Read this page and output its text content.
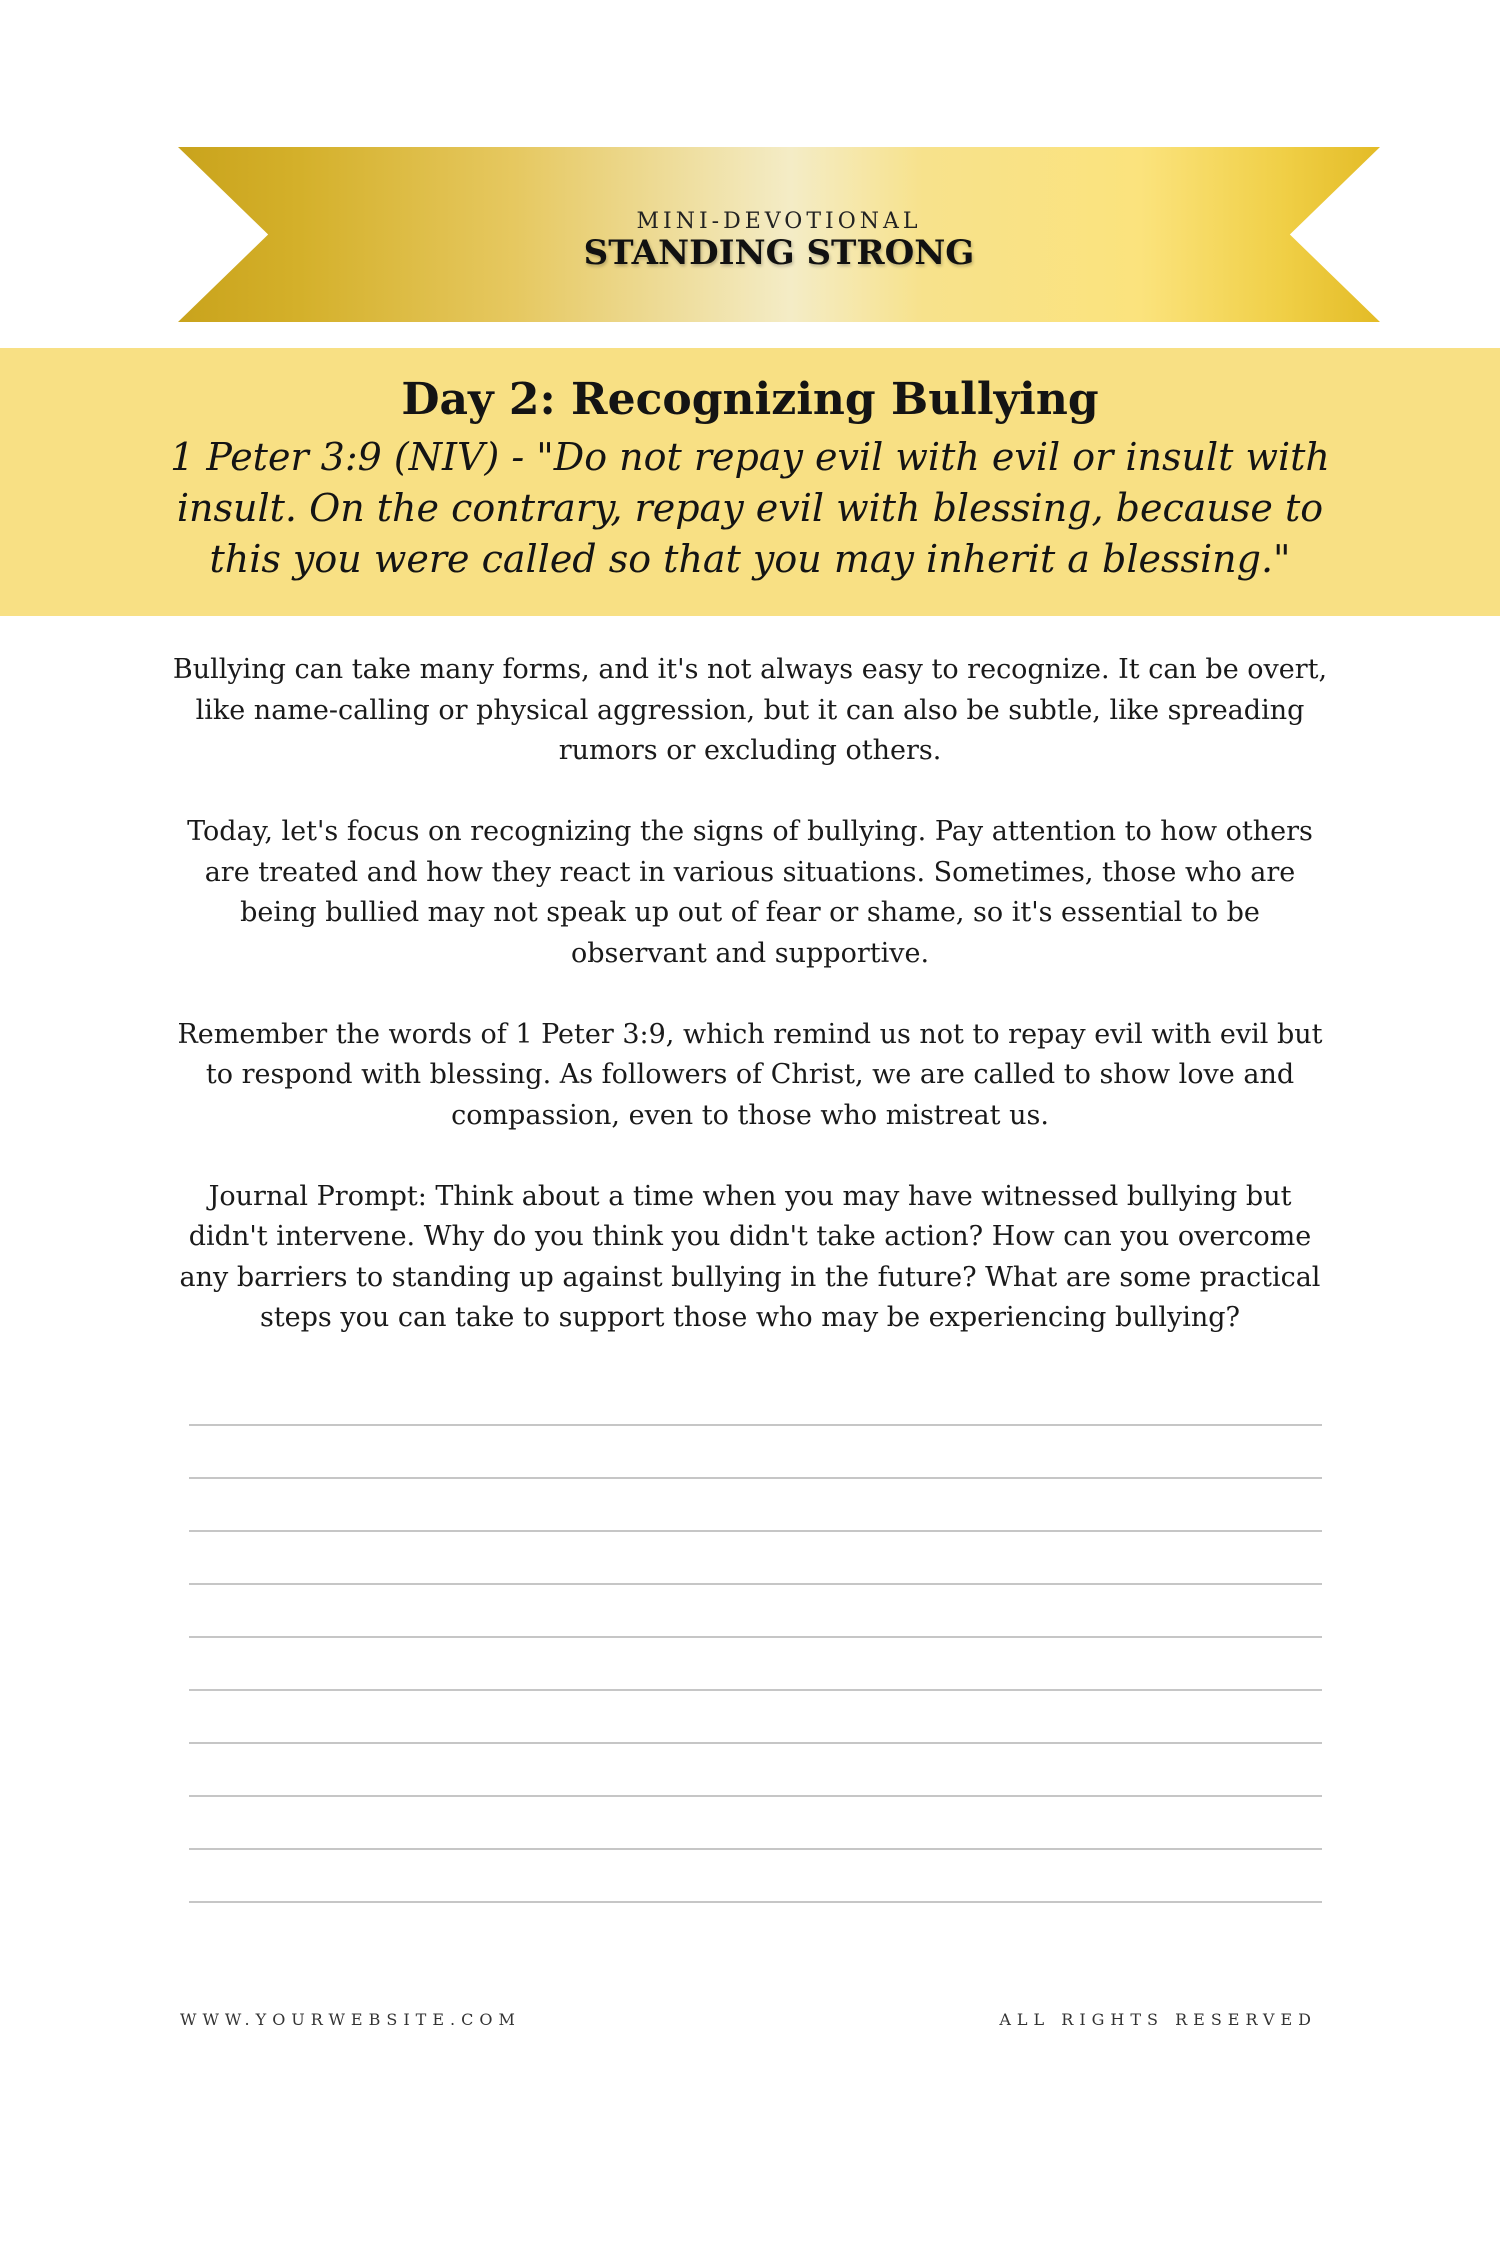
MINI-DEVOTIONAL
STANDING STRONG
Day 2: Recognizing Bullying
1 Peter 3:9 (NIV) - "Do not repay evil with evil or insult with insult. On the contrary, repay evil with blessing, because to this you were called so that you may inherit a blessing."

Bullying can take many forms, and it's not always easy to recognize. It can be overt, like name-calling or physical aggression, but it can also be subtle, like spreading rumors or excluding others.

Today, let's focus on recognizing the signs of bullying. Pay attention to how others are treated and how they react in various situations. Sometimes, those who are being bullied may not speak up out of fear or shame, so it's essential to be observant and supportive.

Remember the words of 1 Peter 3:9, which remind us not to repay evil with evil but to respond with blessing. As followers of Christ, we are called to show love and compassion, even to those who mistreat us.

Journal Prompt: Think about a time when you may have witnessed bullying but didn't intervene. Why do you think you didn't take action? How can you overcome any barriers to standing up against bullying in the future? What are some practical steps you can take to support those who may be experiencing bullying?

WWW.YOURWEBSITE.COM	ALL RIGHTS RESERVED
